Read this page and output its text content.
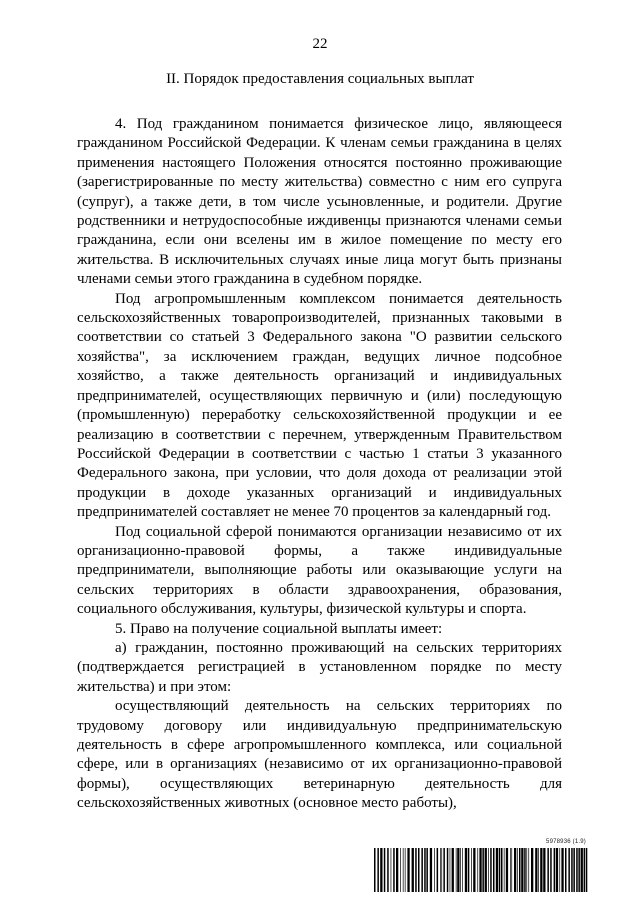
22
II. Порядок предоставления социальных выплат

4. Под гражданином понимается физическое лицо, являющееся гражданином Российской Федерации. К членам семьи гражданина в целях применения настоящего Положения относятся постоянно проживающие (зарегистрированные по месту жительства) совместно с ним его супруга (супруг), а также дети, в том числе усыновленные, и родители. Другие родственники и нетрудоспособные иждивенцы признаются членами семьи гражданина, если они вселены им в жилое помещение по месту его жительства. В исключительных случаях иные лица могут быть признаны членами семьи этого гражданина в судебном порядке.

Под агропромышленным комплексом понимается деятельность сельскохозяйственных товаропроизводителей, признанных таковыми в соответствии со статьей 3 Федерального закона "О развитии сельского хозяйства", за исключением граждан, ведущих личное подсобное хозяйство, а также деятельность организаций и индивидуальных предпринимателей, осуществляющих первичную и (или) последующую (промышленную) переработку сельскохозяйственной продукции и ее реализацию в соответствии с перечнем, утвержденным Правительством Российской Федерации в соответствии с частью 1 статьи 3 указанного Федерального закона, при условии, что доля дохода от реализации этой продукции в доходе указанных организаций и индивидуальных предпринимателей составляет не менее 70 процентов за календарный год.

Под социальной сферой понимаются организации независимо от их организационно-правовой формы, а также индивидуальные предприниматели, выполняющие работы или оказывающие услуги на сельских территориях в области здравоохранения, образования, социального обслуживания, культуры, физической культуры и спорта.

5. Право на получение социальной выплаты имеет:

а) гражданин, постоянно проживающий на сельских территориях (подтверждается регистрацией в установленном порядке по месту жительства) и при этом:

осуществляющий деятельность на сельских территориях по трудовому договору или индивидуальную предпринимательскую деятельность в сфере агропромышленного комплекса, или социальной сфере, или в организациях (независимо от их организационно-правовой формы), осуществляющих ветеринарную деятельность для сельскохозяйственных животных (основное место работы),

5978936 (1.9)
